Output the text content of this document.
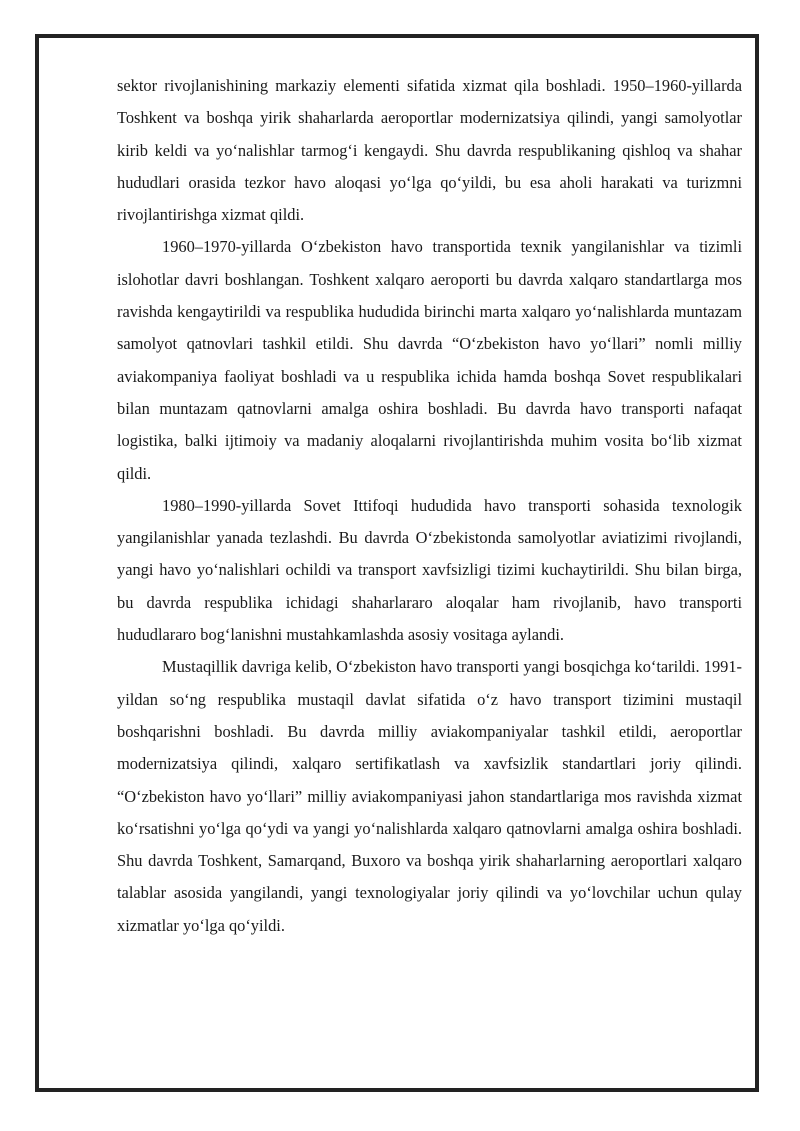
sektor rivojlanishining markaziy elementi sifatida xizmat qila boshladi. 1950–1960-yillarda Toshkent va boshqa yirik shaharlarda aeroportlar modernizatsiya qilindi, yangi samolyotlar kirib keldi va yo‘nalishlar tarmog‘i kengaydi. Shu davrda respublikaning qishloq va shahar hududlari orasida tezkor havo aloqasi yo‘lga qo‘yildi, bu esa aholi harakati va turizmni rivojlantirishga xizmat qildi.

1960–1970-yillarda O‘zbekiston havo transportida texnik yangilanishlar va tizimli islohotlar davri boshlangan. Toshkent xalqaro aeroporti bu davrda xalqaro standartlarga mos ravishda kengaytirildi va respublika hududida birinchi marta xalqaro yo‘nalishlarda muntazam samolyot qatnovlari tashkil etildi. Shu davrda “O‘zbekiston havo yo‘llari” nomli milliy aviakompaniya faoliyat boshladi va u respublika ichida hamda boshqa Sovet respublikalari bilan muntazam qatnovlarni amalga oshira boshladi. Bu davrda havo transporti nafaqat logistika, balki ijtimoiy va madaniy aloqalarni rivojlantirishda muhim vosita bo‘lib xizmat qildi.

1980–1990-yillarda Sovet Ittifoqi hududida havo transporti sohasida texnologik yangilanishlar yanada tezlashdi. Bu davrda O‘zbekistonda samolyotlar aviatizimi rivojlandi, yangi havo yo‘nalishlari ochildi va transport xavfsizligi tizimi kuchaytirildi. Shu bilan birga, bu davrda respublika ichidagi shaharlararo aloqalar ham rivojlanib, havo transporti hududlararo bog‘lanishni mustahkamlashda asosiy vositaga aylandi.

Mustaqillik davriga kelib, O‘zbekiston havo transporti yangi bosqichga ko‘tarildi. 1991-yildan so‘ng respublika mustaqil davlat sifatida o‘z havo transport tizimini mustaqil boshqarishni boshladi. Bu davrda milliy aviakompaniyalar tashkil etildi, aeroportlar modernizatsiya qilindi, xalqaro sertifikatlash va xavfsizlik standartlari joriy qilindi. “O‘zbekiston havo yo‘llari” milliy aviakompaniyasi jahon standartlariga mos ravishda xizmat ko‘rsatishni yo‘lga qo‘ydi va yangi yo‘nalishlarda xalqaro qatnovlarni amalga oshira boshladi. Shu davrda Toshkent, Samarqand, Buxoro va boshqa yirik shaharlarning aeroportlari xalqaro talablar asosida yangilandi, yangi texnologiyalar joriy qilindi va yo‘lovchilar uchun qulay xizmatlar yo‘lga qo‘yildi.
